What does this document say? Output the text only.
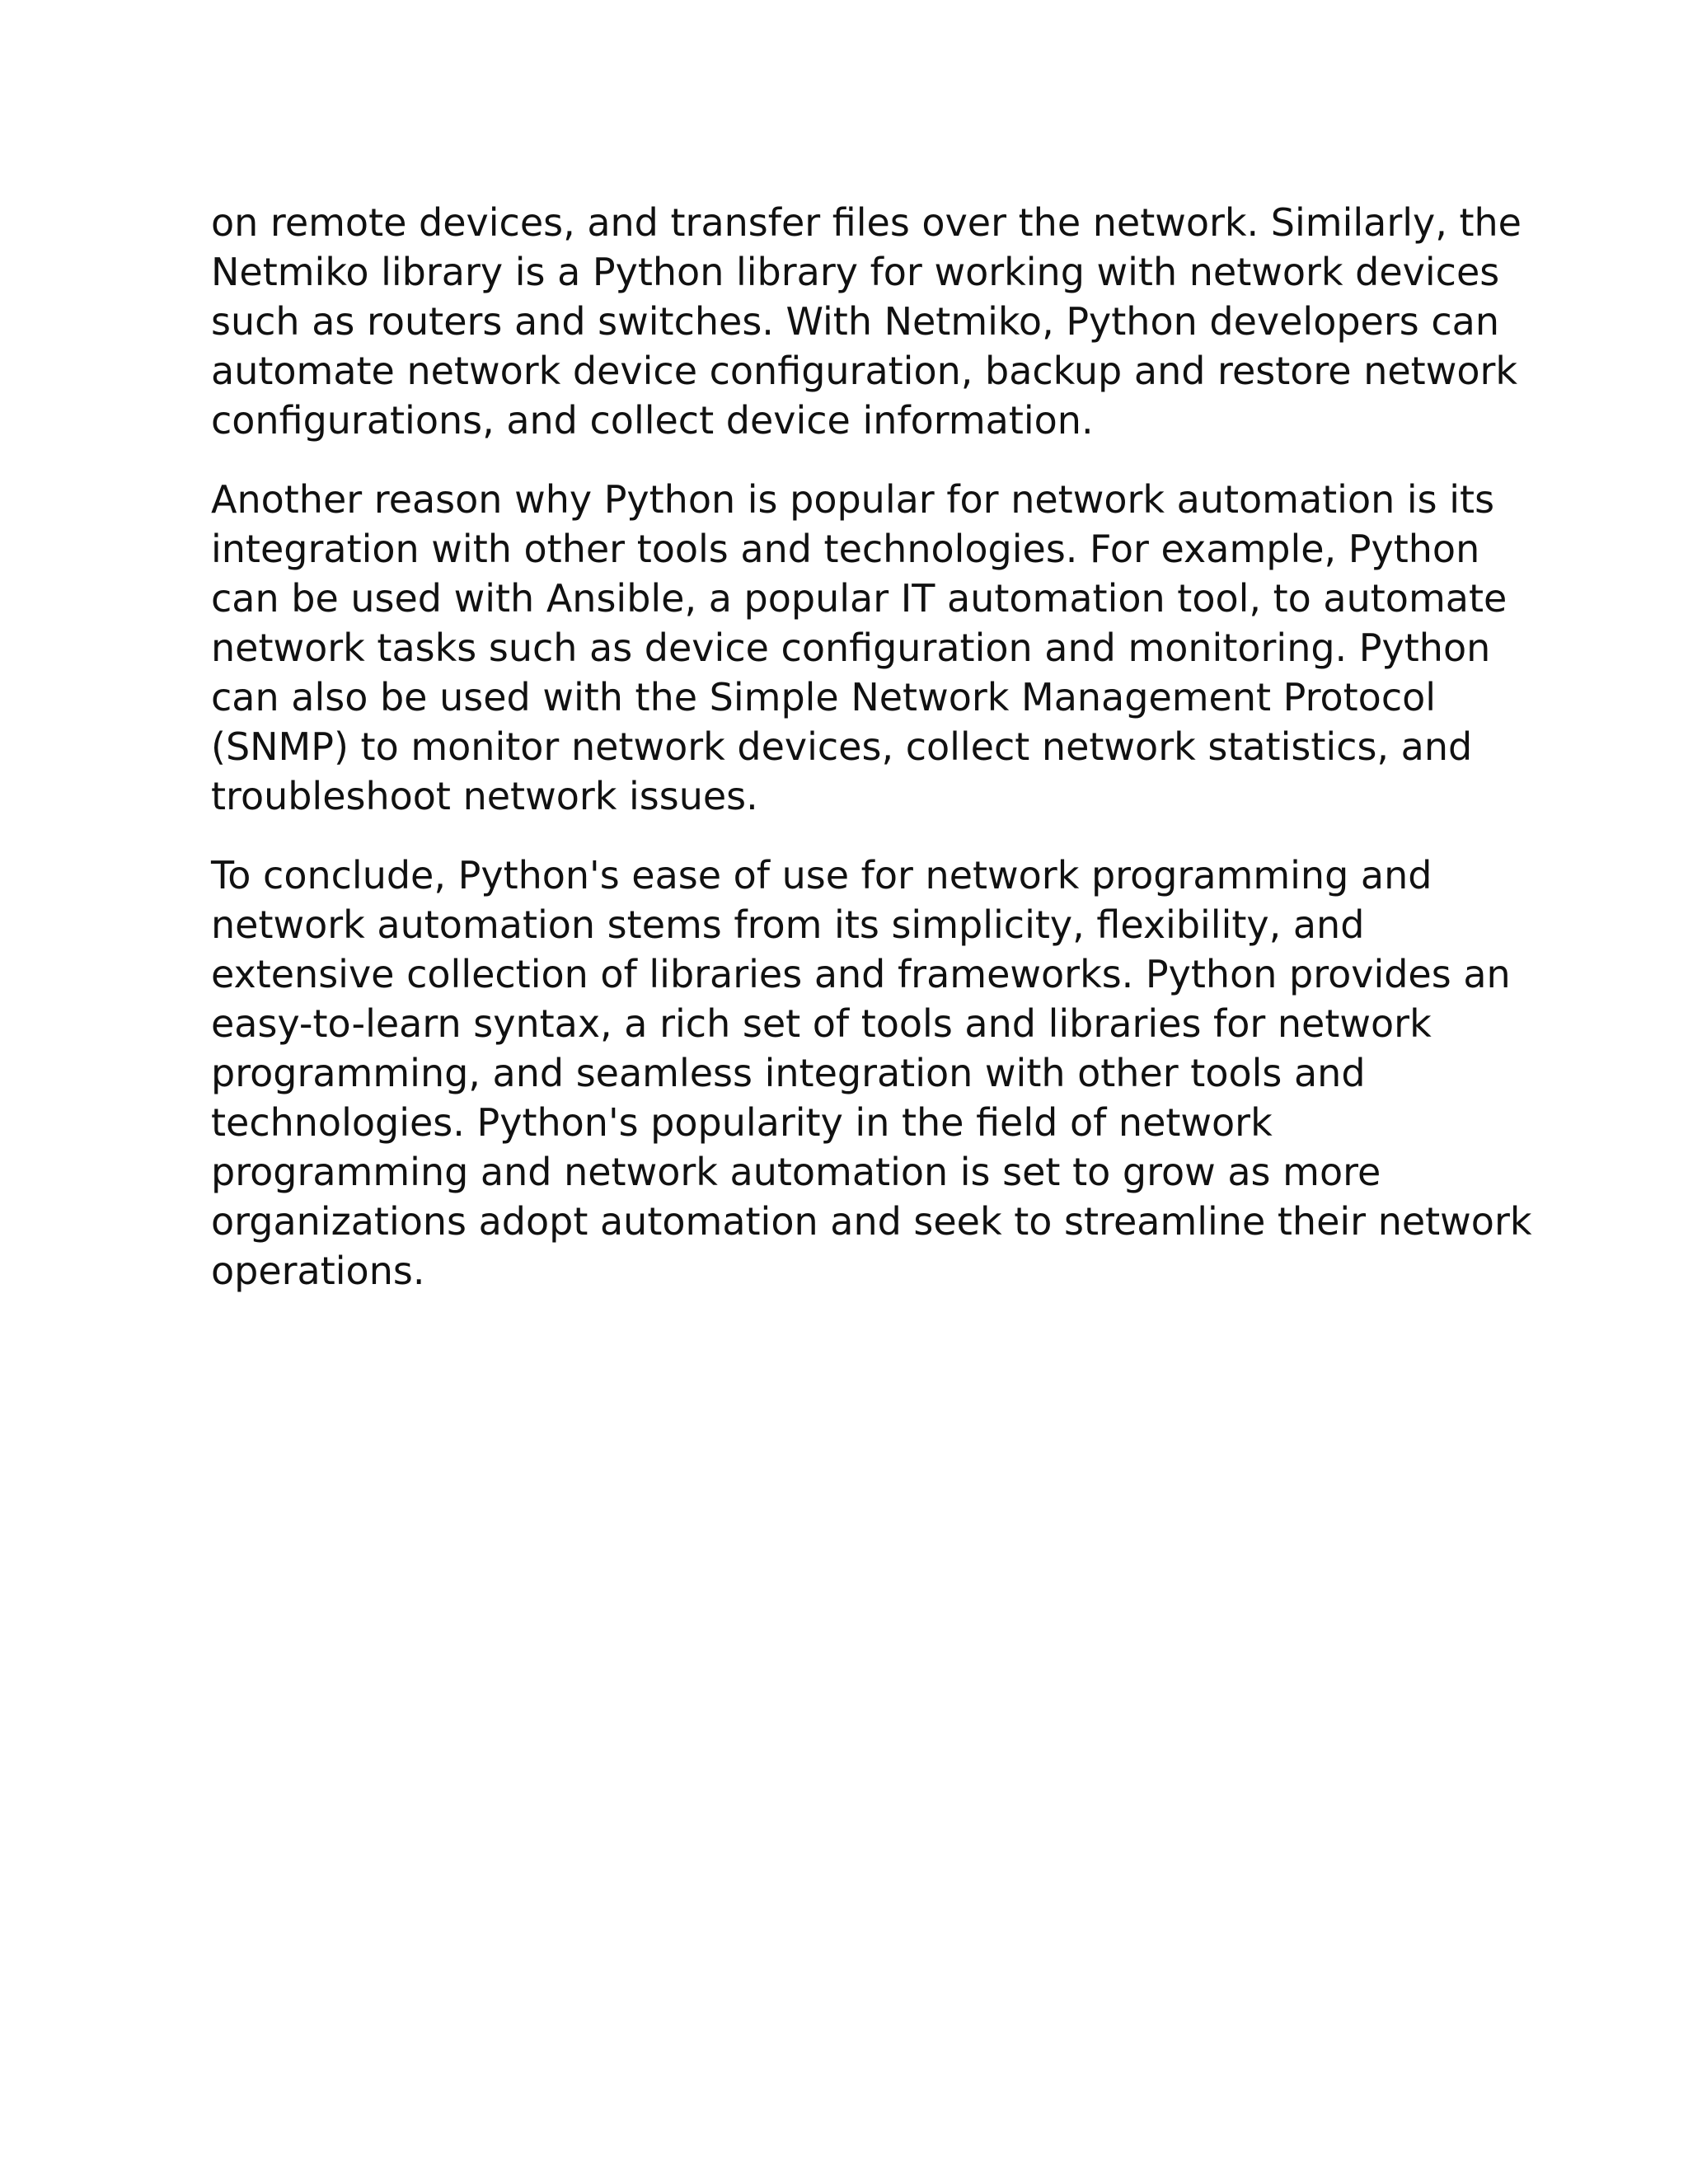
on remote devices, and transfer files over the network. Similarly, the
Netmiko library is a Python library for working with network devices
such as routers and switches. With Netmiko, Python developers can
automate network device configuration, backup and restore network
configurations, and collect device information.

Another reason why Python is popular for network automation is its
integration with other tools and technologies. For example, Python
can be used with Ansible, a popular IT automation tool, to automate
network tasks such as device configuration and monitoring. Python
can also be used with the Simple Network Management Protocol
(SNMP) to monitor network devices, collect network statistics, and
troubleshoot network issues.

To conclude, Python's ease of use for network programming and
network automation stems from its simplicity, flexibility, and
extensive collection of libraries and frameworks. Python provides an
easy-to-learn syntax, a rich set of tools and libraries for network
programming, and seamless integration with other tools and
technologies. Python's popularity in the field of network
programming and network automation is set to grow as more
organizations adopt automation and seek to streamline their network
operations.
